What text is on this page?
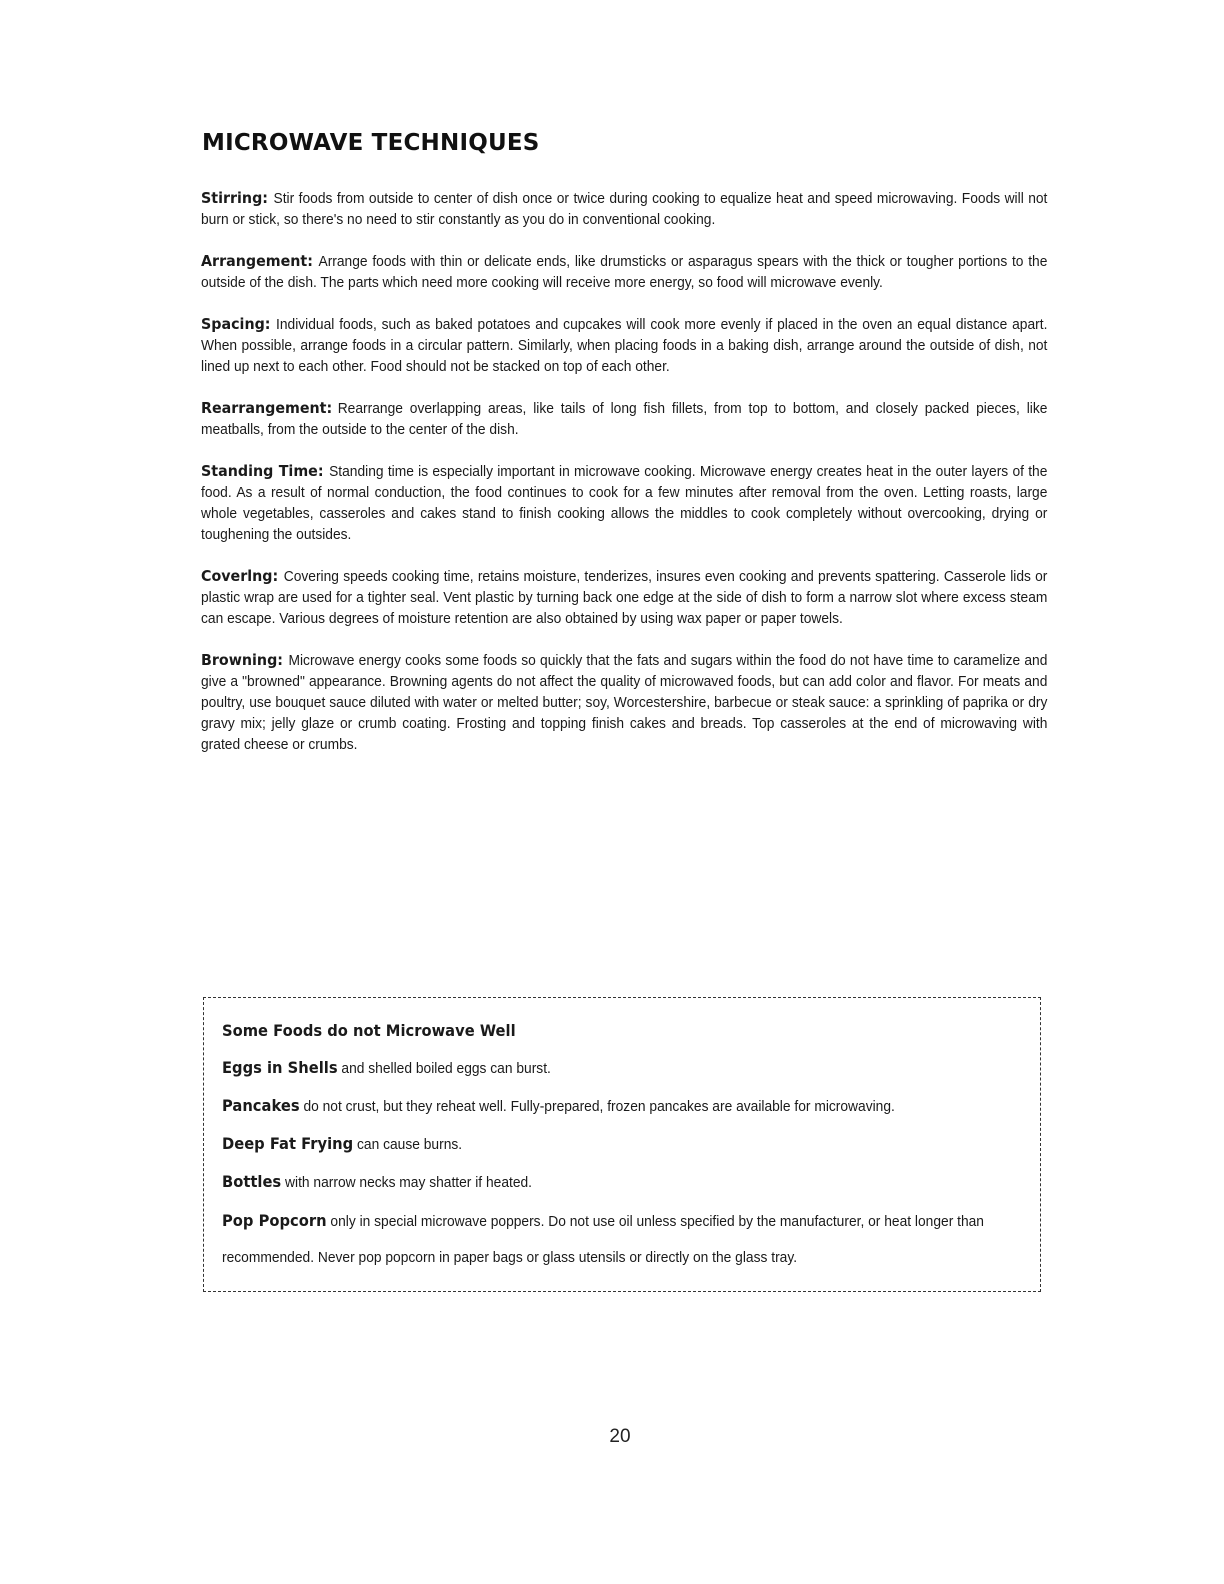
MICROWAVE TECHNIQUES

Stirring: Stir foods from outside to center of dish once or twice during cooking to equalize heat and speed microwaving. Foods will not burn or stick, so there's no need to stir constantly as you do in conventional cooking.

Arrangement: Arrange foods with thin or delicate ends, like drumsticks or asparagus spears with the thick or tougher portions to the outside of the dish. The parts which need more cooking will receive more energy, so food will microwave evenly.

Spacing: Individual foods, such as baked potatoes and cupcakes will cook more evenly if placed in the oven an equal distance apart. When possible, arrange foods in a circular pattern. Similarly, when placing foods in a baking dish, arrange around the outside of dish, not lined up next to each other. Food should not be stacked on top of each other.

Rearrangement: Rearrange overlapping areas, like tails of long fish fillets, from top to bottom, and closely packed pieces, like meatballs, from the outside to the center of the dish.

Standing Time: Standing time is especially important in microwave cooking. Microwave energy creates heat in the outer layers of the food. As a result of normal conduction, the food continues to cook for a few minutes after removal from the oven. Letting roasts, large whole vegetables, casseroles and cakes stand to finish cooking allows the middles to cook completely without overcooking, drying or toughening the outsides.

Coverlng: Covering speeds cooking time, retains moisture, tenderizes, insures even cooking and prevents spattering. Casserole lids or plastic wrap are used for a tighter seal. Vent plastic by turning back one edge at the side of dish to form a narrow slot where excess steam can escape. Various degrees of moisture retention are also obtained by using wax paper or paper towels.

Browning: Microwave energy cooks some foods so quickly that the fats and sugars within the food do not have time to caramelize and give a "browned" appearance. Browning agents do not affect the quality of microwaved foods, but can add color and flavor. For meats and poultry, use bouquet sauce diluted with water or melted butter; soy, Worcestershire, barbecue or steak sauce: a sprinkling of paprika or dry gravy mix; jelly glaze or crumb coating. Frosting and topping finish cakes and breads. Top casseroles at the end of microwaving with grated cheese or crumbs.

Some Foods do not Microwave Well

Eggs in Shells and shelled boiled eggs can burst.

Pancakes do not crust, but they reheat well. Fully-prepared, frozen pancakes are available for microwaving.

Deep Fat Frying can cause burns.

Bottles with narrow necks may shatter if heated.

Pop Popcorn only in special microwave poppers. Do not use oil unless specified by the manufacturer, or heat longer than recommended. Never pop popcorn in paper bags or glass utensils or directly on the glass tray.

20
